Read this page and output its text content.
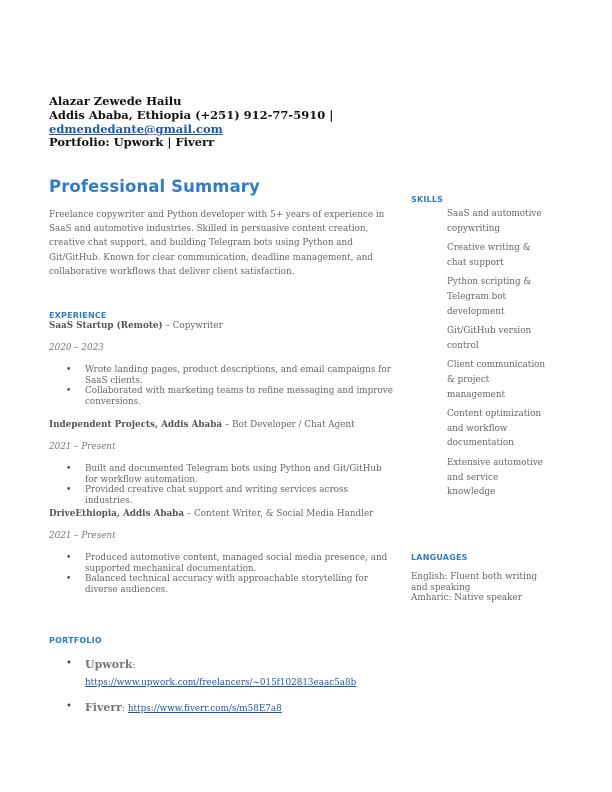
Alazar Zewede Hailu
Addis Ababa, Ethiopia (+251) 912-77-5910 |
edmendedante@gmail.com
Portfolio: Upwork | Fiverr
Professional Summary
Freelance copywriter and Python developer with 5+ years of experience in SaaS and automotive industries. Skilled in persuasive content creation, creative chat support, and building Telegram bots using Python and Git/GitHub. Known for clear communication, deadline management, and collaborative workflows that deliver client satisfaction.
EXPERIENCE
SaaS Startup (Remote) – Copywriter
2020 – 2023
• Wrote landing pages, product descriptions, and email campaigns for SaaS clients.
• Collaborated with marketing teams to refine messaging and improve conversions.
Independent Projects, Addis Ababa – Bot Developer / Chat Agent
2021 – Present
• Built and documented Telegram bots using Python and Git/GitHub for workflow automation.
• Provided creative chat support and writing services across industries.
DriveEthiopia, Addis Ababa – Content Writer, & Social Media Handler
2021 – Present
• Produced automotive content, managed social media presence, and supported mechanical documentation.
• Balanced technical accuracy with approachable storytelling for diverse audiences.
SKILLS
SaaS and automotive copywriting
Creative writing & chat support
Python scripting & Telegram bot development
Git/GitHub version control
Client communication & project management
Content optimization and workflow documentation
Extensive automotive and service knowledge
LANGUAGES
English: Fluent both writing and speaking
Amharic: Native speaker
PORTFOLIO
• Upwork:
https://www.upwork.com/freelancers/~015f102813eaac5a8b
• Fiverr: https://www.fiverr.com/s/m58E7a8
